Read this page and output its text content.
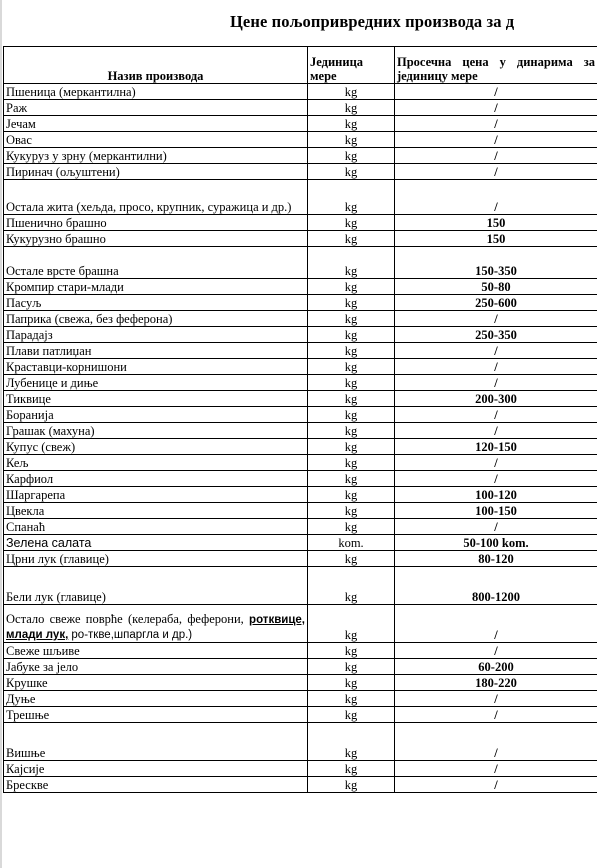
Цене пољопривредних производа за д
Назив производа	Јединица мере	Просечна цена у динарима за јединицу мере
Пшеница (меркантилна)	kg	/
Раж	kg	/
Јечам	kg	/
Овас	kg	/
Кукуруз у зрну (меркантилни)	kg	/
Пиринач (ољуштени)	kg	/
Остала жита (хељда, просо, крупник, суражица и др.)	kg	/
Пшенично брашно	kg	150
Кукурузно брашно	kg	150
Остале врсте брашна	kg	150-350
Кромпир стари-млади	kg	50-80
Пасуљ	kg	250-600
Паприка (свежа, без феферона)	kg	/
Парадајз	kg	250-350
Плави патлиџан	kg	/
Краставци-корнишони	kg	/
Лубенице и диње	kg	/
Тиквице	kg	200-300
Боранија	kg	/
Грашак (махуна)	kg	/
Купус (свеж)	kg	120-150
Кељ	kg	/
Карфиол	kg	/
Шаргарепа	kg	100-120
Цвекла	kg	100-150
Спанаћ	kg	/
Зелена салата	kom.	50-100 kom.
Црни лук (главице)	kg	80-120
Бели лук (главице)	kg	800-1200
Остало свеже поврће (келераба, феферони, ротквице, млади лук, ро-ткве,шпаргла и др.)	kg	/
Свеже шљиве	kg	/
Јабуке за јело	kg	60-200
Крушке	kg	180-220
Дуње	kg	/
Трешње	kg	/
Вишње	kg	/
Кајсије	kg	/
Брескве	kg	/
